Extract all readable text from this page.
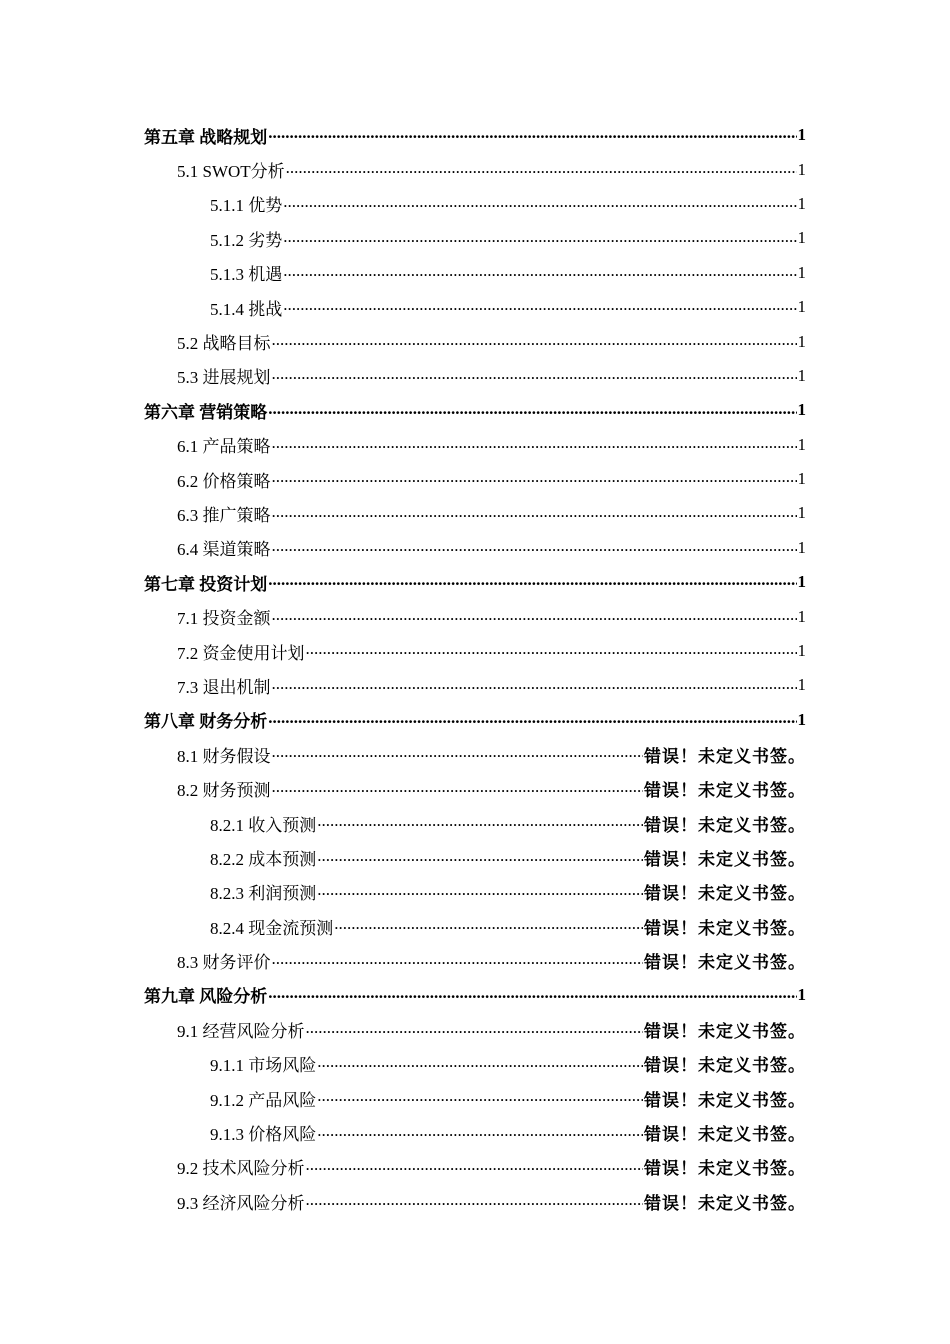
第五章 战略规划 .....	1
5.1 SWOT分析 .....	1
5.1.1 优势 .....	1
5.1.2 劣势 .....	1
5.1.3 机遇 .....	1
5.1.4 挑战 .....	1
5.2 战略目标 .....	1
5.3 进展规划 .....	1
第六章 营销策略 .....	1
6.1 产品策略 .....	1
6.2 价格策略 .....	1
6.3 推广策略 .....	1
6.4 渠道策略 .....	1
第七章 投资计划 .....	1
7.1 投资金额 .....	1
7.2 资金使用计划 .....	1
7.3 退出机制 .....	1
第八章 财务分析 .....	1
8.1 财务假设 .....	错误！未定义书签。
8.2 财务预测 .....	错误！未定义书签。
8.2.1 收入预测 .....	错误！未定义书签。
8.2.2 成本预测 .....	错误！未定义书签。
8.2.3 利润预测 .....	错误！未定义书签。
8.2.4 现金流预测 .....	错误！未定义书签。
8.3 财务评价 .....	错误！未定义书签。
第九章 风险分析 .....	1
9.1 经营风险分析 .....	错误！未定义书签。
9.1.1 市场风险 .....	错误！未定义书签。
9.1.2 产品风险 .....	错误！未定义书签。
9.1.3 价格风险 .....	错误！未定义书签。
9.2 技术风险分析 .....	错误！未定义书签。
9.3 经济风险分析 .....	错误！未定义书签。
